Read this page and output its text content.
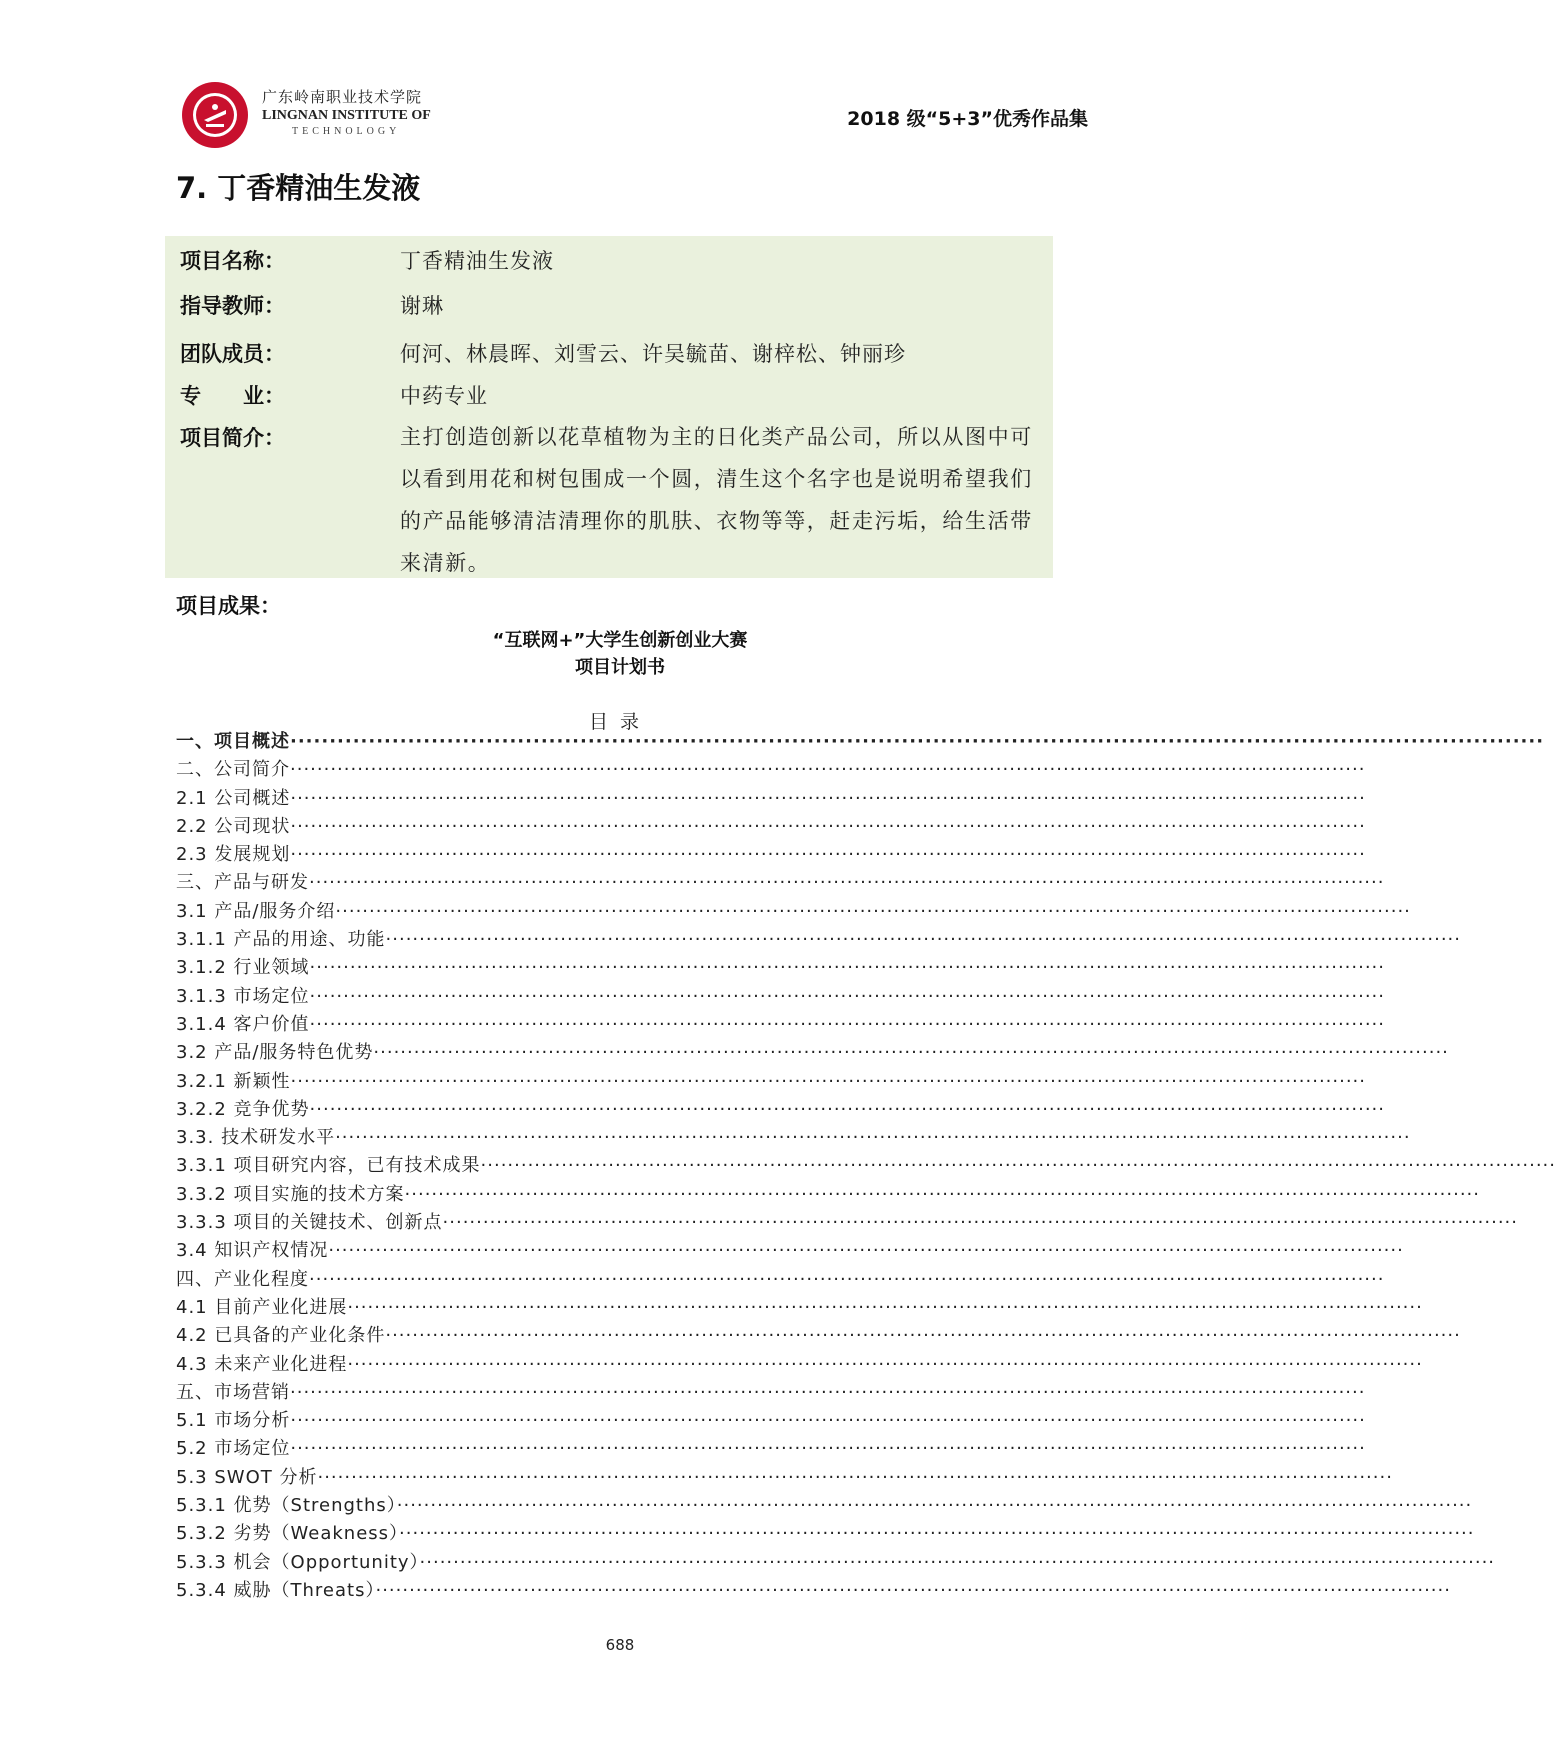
广东岭南职业技术学院
LINGNAN INSTITUTE OF
TECHNOLOGY
2018 级“5+3”优秀作品集
7. 丁香精油生发液
项目名称：	丁香精油生发液
指导教师：	谢琳
团队成员：	何河、林晨晖、刘雪云、许吴毓苗、谢梓松、钟丽珍
专　　业：	中药专业
项目简介：	主打创造创新以花草植物为主的日化类产品公司，所以从图中可以看到用花和树包围成一个圆，清生这个名字也是说明希望我们的产品能够清洁清理你的肌肤、衣物等等，赶走污垢，给生活带来清新。
项目成果：
“互联网+”大学生创新创业大赛
项目计划书
目录
一、项目概述································································································································································
二、公司简介································································································································································
2.1 公司概述································································································································································
2.2 公司现状································································································································································
2.3 发展规划································································································································································
三、产品与研发································································································································································
3.1 产品/服务介绍································································································································································
3.1.1 产品的用途、功能································································································································································
3.1.2 行业领域································································································································································
3.1.3 市场定位································································································································································
3.1.4 客户价值································································································································································
3.2 产品/服务特色优势································································································································································
3.2.1 新颖性································································································································································
3.2.2 竞争优势································································································································································
3.3. 技术研发水平································································································································································
3.3.1 项目研究内容，已有技术成果································································································································································
3.3.2 项目实施的技术方案································································································································································
3.3.3 项目的关键技术、创新点································································································································································
3.4 知识产权情况································································································································································
四、产业化程度································································································································································
4.1 目前产业化进展································································································································································
4.2 已具备的产业化条件································································································································································
4.3 未来产业化进程································································································································································
五、市场营销································································································································································
5.1 市场分析································································································································································
5.2 市场定位································································································································································
5.3 SWOT 分析································································································································································
5.3.1 优势（Strengths）································································································································································
5.3.2 劣势（Weakness）································································································································································
5.3.3 机会（Opportunity）································································································································································
5.3.4 威胁（Threats）································································································································································
688
